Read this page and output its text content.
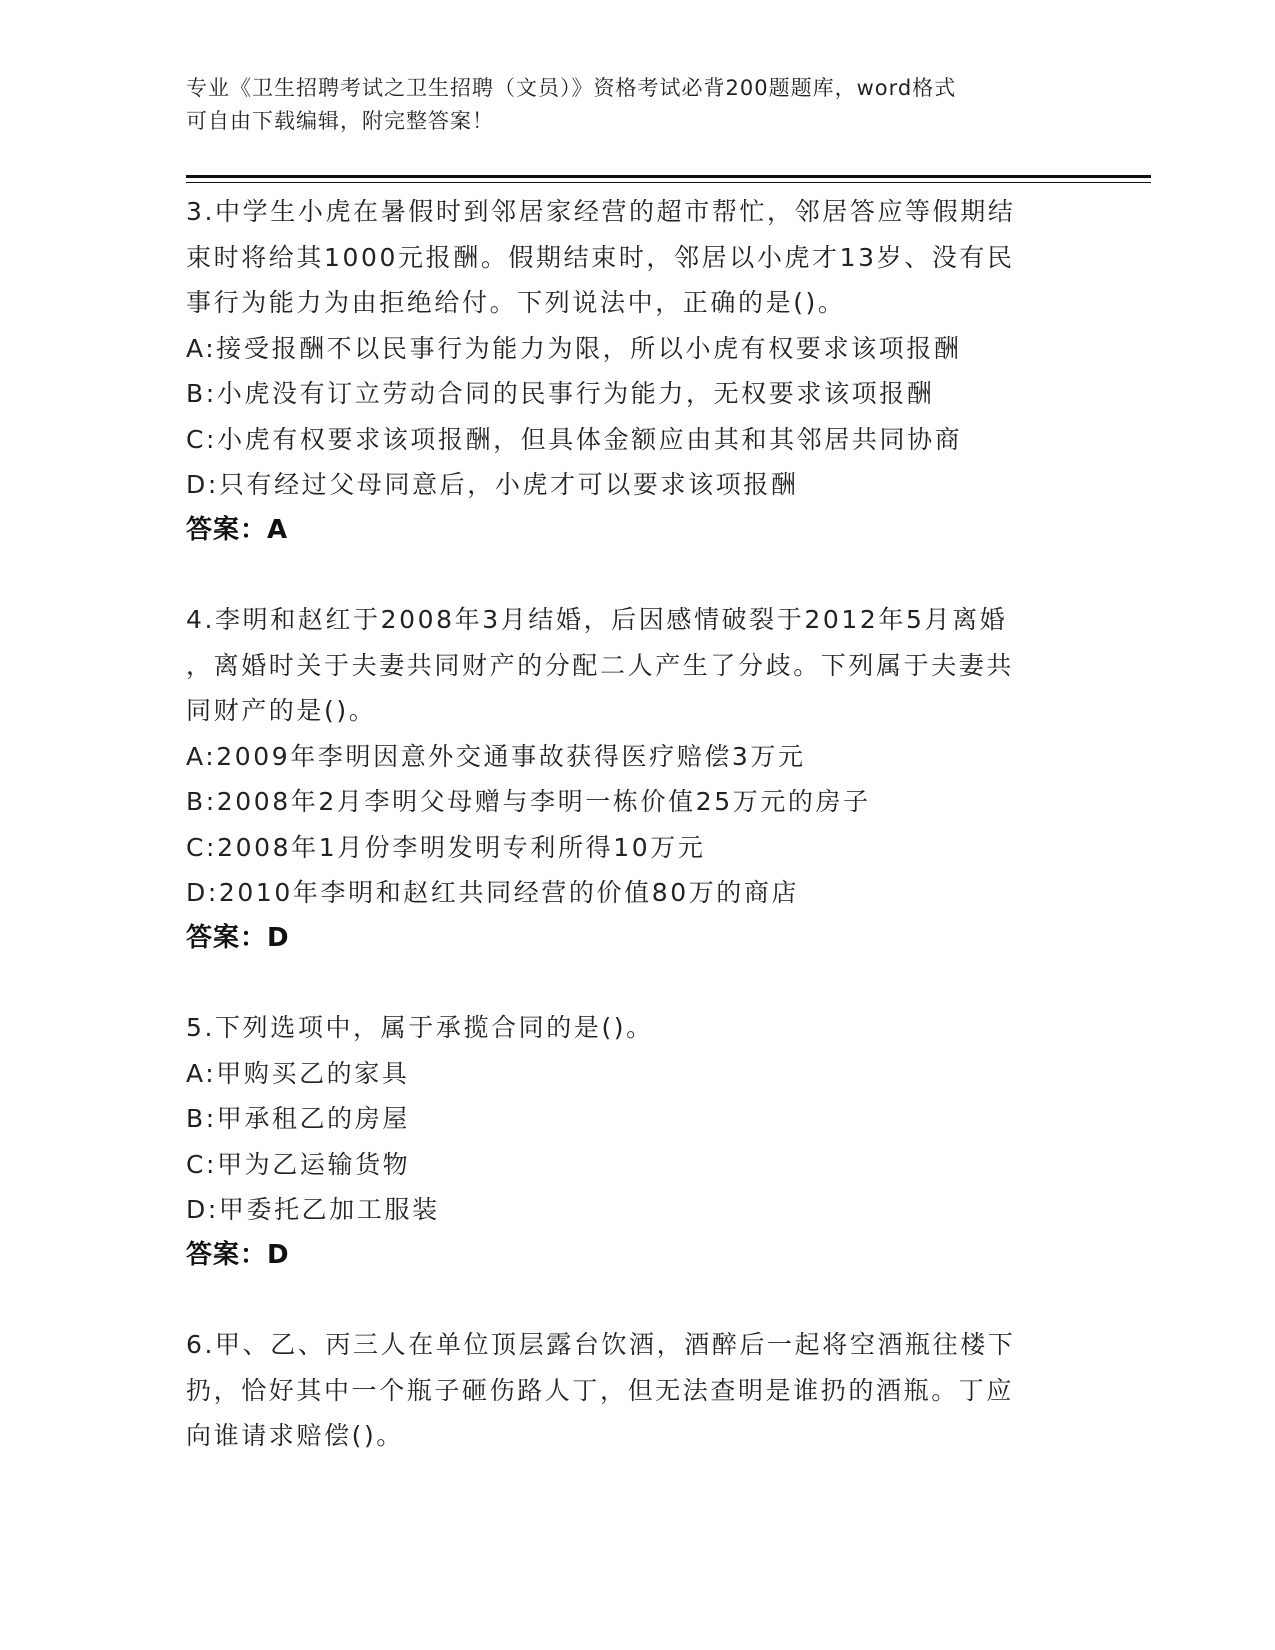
专业《卫生招聘考试之卫生招聘（文员）》资格考试必背200题题库，word格式
可自由下载编辑，附完整答案！
3.中学生小虎在暑假时到邻居家经营的超市帮忙，邻居答应等假期结
束时将给其1000元报酬。假期结束时，邻居以小虎才13岁、没有民
事行为能力为由拒绝给付。下列说法中，正确的是()。
A:接受报酬不以民事行为能力为限，所以小虎有权要求该项报酬
B:小虎没有订立劳动合同的民事行为能力，无权要求该项报酬
C:小虎有权要求该项报酬，但具体金额应由其和其邻居共同协商
D:只有经过父母同意后，小虎才可以要求该项报酬
答案：A
4.李明和赵红于2008年3月结婚，后因感情破裂于2012年5月离婚
，离婚时关于夫妻共同财产的分配二人产生了分歧。下列属于夫妻共
同财产的是()。
A:2009年李明因意外交通事故获得医疗赔偿3万元
B:2008年2月李明父母赠与李明一栋价值25万元的房子
C:2008年1月份李明发明专利所得10万元
D:2010年李明和赵红共同经营的价值80万的商店
答案：D
5.下列选项中，属于承揽合同的是()。
A:甲购买乙的家具
B:甲承租乙的房屋
C:甲为乙运输货物
D:甲委托乙加工服装
答案：D
6.甲、乙、丙三人在单位顶层露台饮酒，酒醉后一起将空酒瓶往楼下
扔，恰好其中一个瓶子砸伤路人丁，但无法查明是谁扔的酒瓶。丁应
向谁请求赔偿()。
